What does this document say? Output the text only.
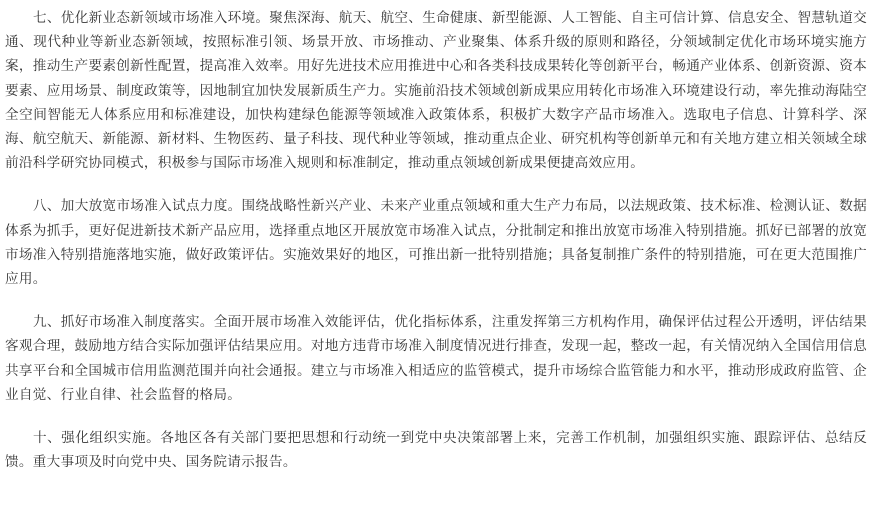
七、优化新业态新领域市场准入环境。聚焦深海、航天、航空、生命健康、新型能源、人工智能、自主可信计算、信息安全、智慧轨道交通、现代种业等新业态新领域，按照标准引领、场景开放、市场推动、产业聚集、体系升级的原则和路径，分领域制定优化市场环境实施方案，推动生产要素创新性配置，提高准入效率。用好先进技术应用推进中心和各类科技成果转化等创新平台，畅通产业体系、创新资源、资本要素、应用场景、制度政策等，因地制宜加快发展新质生产力。实施前沿技术领域创新成果应用转化市场准入环境建设行动，率先推动海陆空全空间智能无人体系应用和标准建设，加快构建绿色能源等领域准入政策体系，积极扩大数字产品市场准入。选取电子信息、计算科学、深海、航空航天、新能源、新材料、生物医药、量子科技、现代种业等领域，推动重点企业、研究机构等创新单元和有关地方建立相关领域全球前沿科学研究协同模式，积极参与国际市场准入规则和标准制定，推动重点领域创新成果便捷高效应用。

八、加大放宽市场准入试点力度。围绕战略性新兴产业、未来产业重点领域和重大生产力布局，以法规政策、技术标准、检测认证、数据体系为抓手，更好促进新技术新产品应用，选择重点地区开展放宽市场准入试点，分批制定和推出放宽市场准入特别措施。抓好已部署的放宽市场准入特别措施落地实施，做好政策评估。实施效果好的地区，可推出新一批特别措施；具备复制推广条件的特别措施，可在更大范围推广应用。

九、抓好市场准入制度落实。全面开展市场准入效能评估，优化指标体系，注重发挥第三方机构作用，确保评估过程公开透明，评估结果客观合理，鼓励地方结合实际加强评估结果应用。对地方违背市场准入制度情况进行排查，发现一起，整改一起，有关情况纳入全国信用信息共享平台和全国城市信用监测范围并向社会通报。建立与市场准入相适应的监管模式，提升市场综合监管能力和水平，推动形成政府监管、企业自觉、行业自律、社会监督的格局。

十、强化组织实施。各地区各有关部门要把思想和行动统一到党中央决策部署上来，完善工作机制，加强组织实施、跟踪评估、总结反馈。重大事项及时向党中央、国务院请示报告。
